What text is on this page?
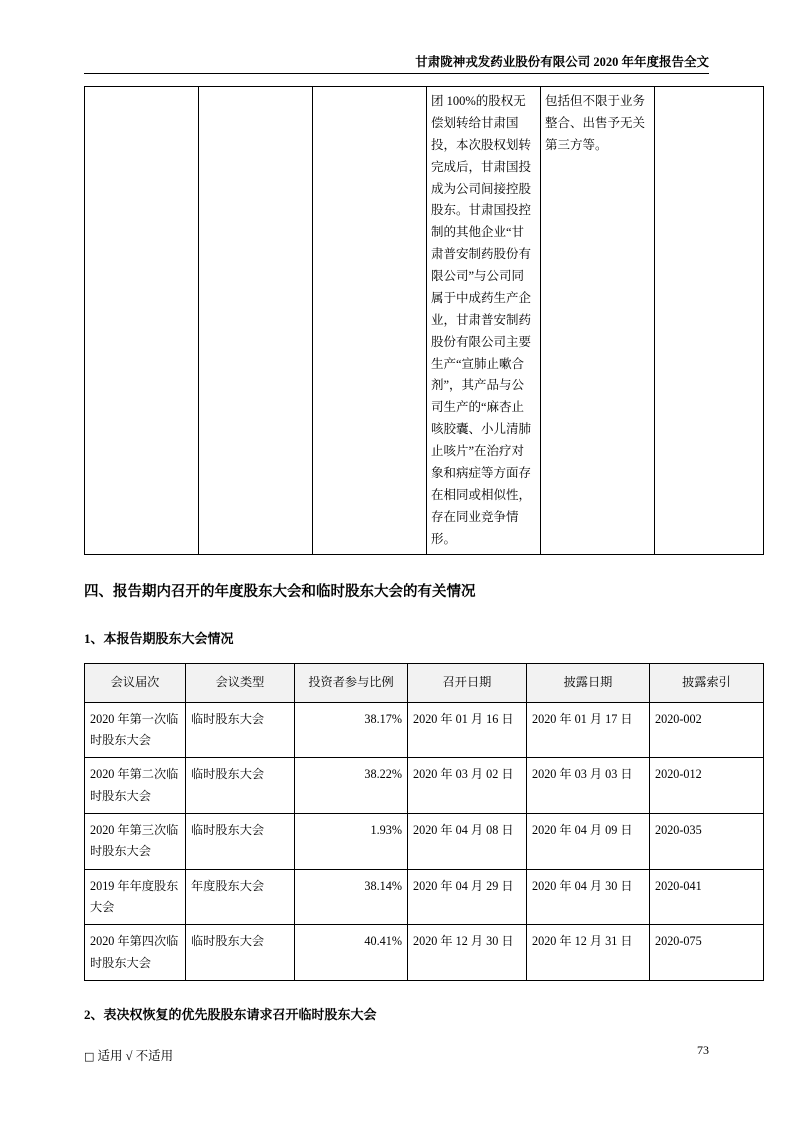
甘肃陇神戎发药业股份有限公司 2020 年年度报告全文
			团 100%的股权无偿划转给甘肃国投，本次股权划转完成后，甘肃国投成为公司间接控股股东。甘肃国投控制的其他企业“甘肃普安制药股份有限公司”与公司同属于中成药生产企业，甘肃普安制药股份有限公司主要生产“宣肺止嗽合剂”，其产品与公司生产的“麻杏止咳胶囊、小儿清肺止咳片”在治疗对象和病症等方面存在相同或相似性，存在同业竞争情形。	包括但不限于业务整合、出售予无关第三方等。	
四、报告期内召开的年度股东大会和临时股东大会的有关情况
1、本报告期股东大会情况
会议届次	会议类型	投资者参与比例	召开日期	披露日期	披露索引
2020 年第一次临时股东大会	临时股东大会	38.17%	2020 年 01 月 16 日	2020 年 01 月 17 日	2020-002
2020 年第二次临时股东大会	临时股东大会	38.22%	2020 年 03 月 02 日	2020 年 03 月 03 日	2020-012
2020 年第三次临时股东大会	临时股东大会	1.93%	2020 年 04 月 08 日	2020 年 04 月 09 日	2020-035
2019 年年度股东大会	年度股东大会	38.14%	2020 年 04 月 29 日	2020 年 04 月 30 日	2020-041
2020 年第四次临时股东大会	临时股东大会	40.41%	2020 年 12 月 30 日	2020 年 12 月 31 日	2020-075
2、表决权恢复的优先股股东请求召开临时股东大会

□ 适用 √ 不适用	73
